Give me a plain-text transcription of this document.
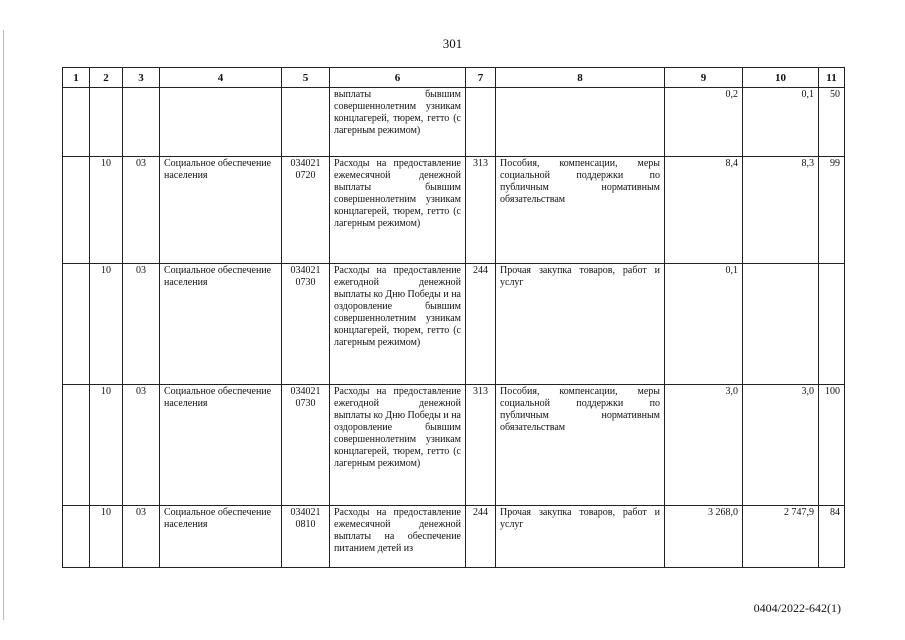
301
1	2	3	4	5	6	7	8	9	10	11
					выплаты бывшим совершеннолетним узникам концлагерей, тюрем, гетто (с лагерным режимом)			0,2	0,1	50
	10	03	Социальное обеспечение населения	034021 0720	Расходы на предоставление ежемесячной денежной выплаты бывшим совершеннолетним узникам концлагерей, тюрем, гетто (с лагерным режимом)	313	Пособия, компенсации, меры социальной поддержки по публичным нормативным обязательствам	8,4	8,3	99
	10	03	Социальное обеспечение населения	034021 0730	Расходы на предоставление ежегодной денежной выплаты ко Дню Победы и на оздоровление бывшим совершеннолетним узникам концлагерей, тюрем, гетто (с лагерным режимом)	244	Прочая закупка товаров, работ и услуг	0,1		
	10	03	Социальное обеспечение населения	034021 0730	Расходы на предоставление ежегодной денежной выплаты ко Дню Победы и на оздоровление бывшим совершеннолетним узникам концлагерей, тюрем, гетто (с лагерным режимом)	313	Пособия, компенсации, меры социальной поддержки по публичным нормативным обязательствам	3,0	3,0	100
	10	03	Социальное обеспечение населения	034021 0810	Расходы на предоставление ежемесячной денежной выплаты на обеспечение питанием детей из	244	Прочая закупка товаров, работ и услуг	3 268,0	2 747,9	84
0404/2022-642(1)
